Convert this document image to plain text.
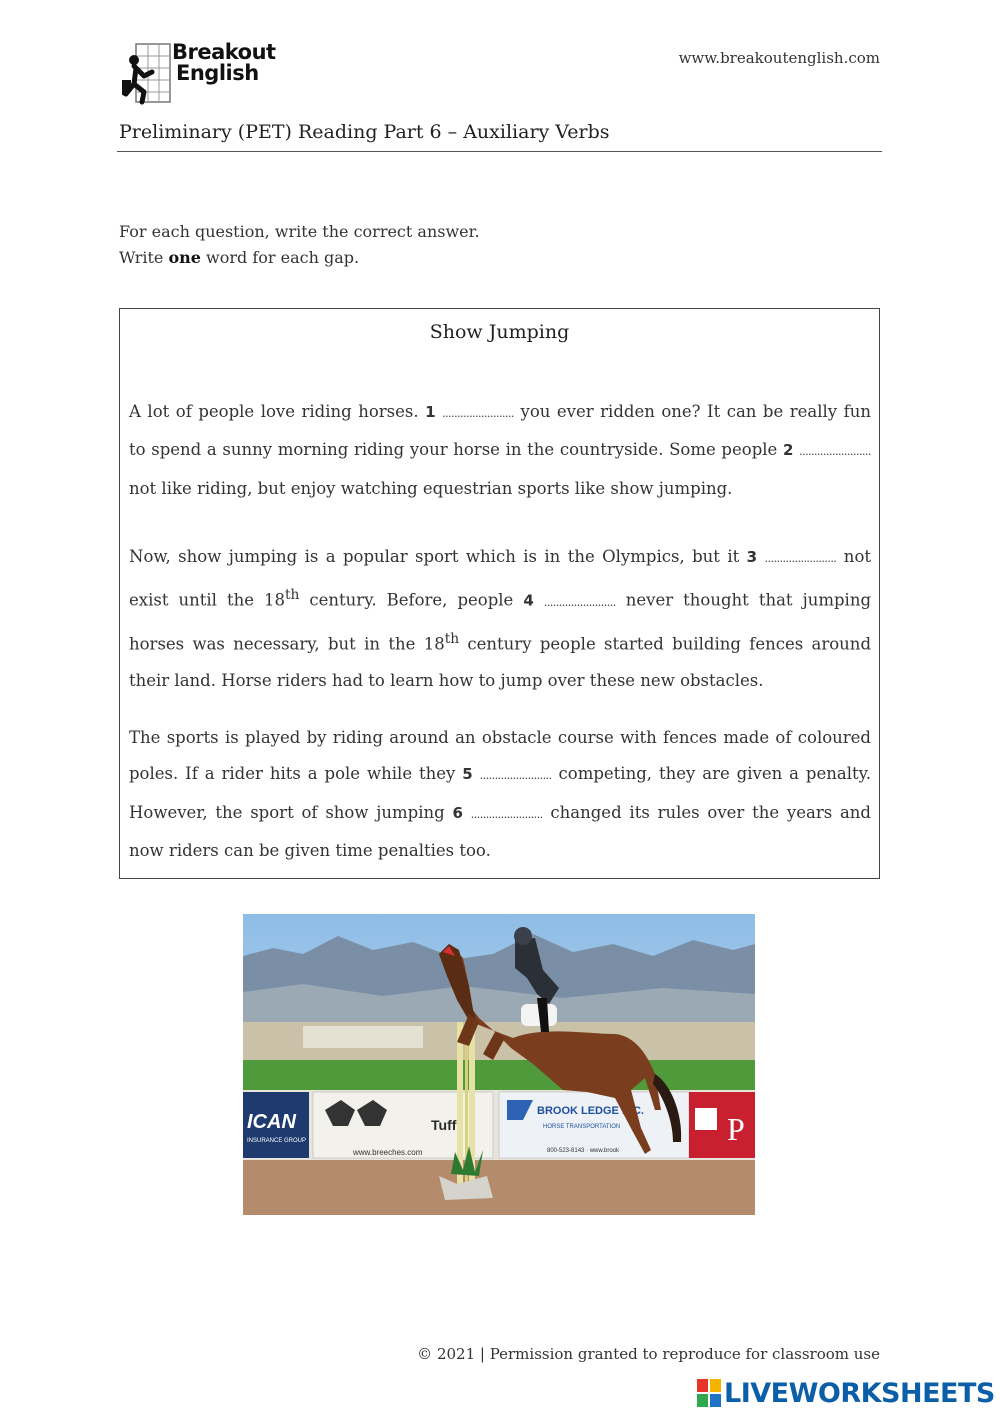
Breakout
English
www.breakoutenglish.com
Preliminary (PET) Reading Part 6 – Auxiliary Verbs
For each question, write the correct answer.
Write one word for each gap.
Show Jumping
A lot of people love riding horses. 1 ........................ you ever ridden one? It can be really fun to spend a sunny morning riding your horse in the countryside. Some people 2 ........................ not like riding, but enjoy watching equestrian sports like show jumping.
Now, show jumping is a popular sport which is in the Olympics, but it 3 ........................ not exist until the 18th century. Before, people 4 ........................ never thought that jumping horses was necessary, but in the 18th century people started building fences around their land. Horse riders had to learn how to jump over these new obstacles.
The sports is played by riding around an obstacle course with fences made of coloured poles. If a rider hits a pole while they 5 ........................ competing, they are given a penalty. However, the sport of show jumping 6 ........................ changed its rules over the years and now riders can be given time penalties too.
ICAN
INSURANCE GROUP
www.breeches.com
Tuff
BROOK LEDGE INC.
HORSE TRANSPORTATION
800-523-8143 · www.brook
P
© 2021 | Permission granted to reproduce for classroom use
LIVEWORKSHEETS
